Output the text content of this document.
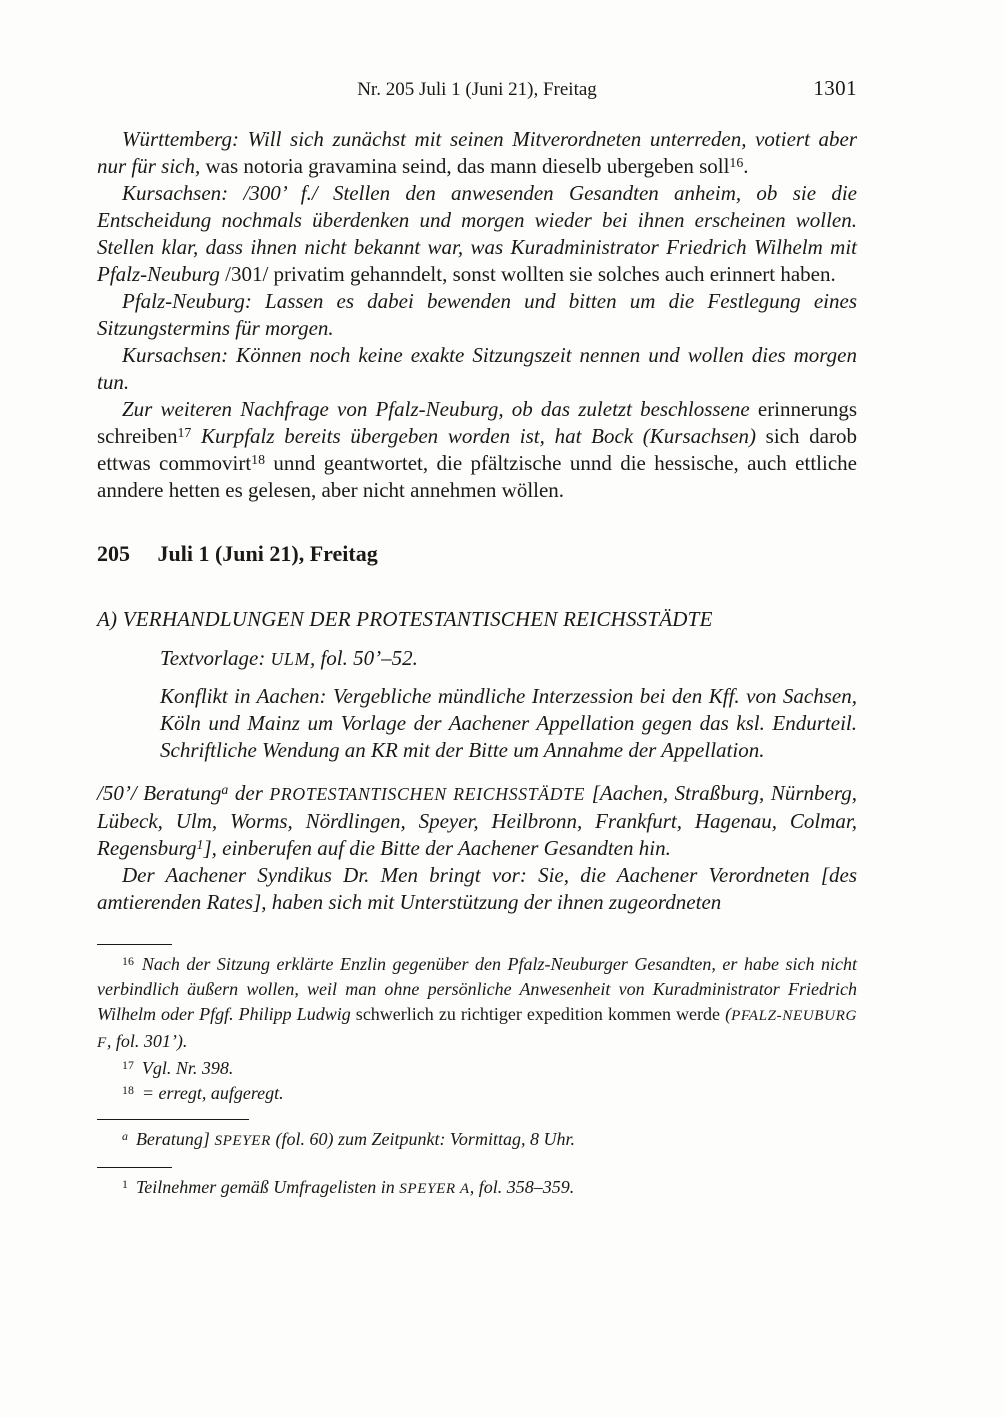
Nr. 205 Juli 1 (Juni 21), Freitag	1301

Württemberg: Will sich zunächst mit seinen Mitverordneten unterreden, votiert aber nur für sich, was notoria gravamina seind, das mann dieselb ubergeben soll$^{16}$.

Kursachsen: /300’ f./ Stellen den anwesenden Gesandten anheim, ob sie die Entscheidung nochmals überdenken und morgen wieder bei ihnen erscheinen wollen. Stellen klar, dass ihnen nicht bekannt war, was Kuradministrator Friedrich Wilhelm mit Pfalz-Neuburg /301/ privatim gehanndelt, sonst wollten sie solches auch erinnert haben.

Pfalz-Neuburg: Lassen es dabei bewenden und bitten um die Festlegung eines Sitzungstermins für morgen.

Kursachsen: Können noch keine exakte Sitzungszeit nennen und wollen dies morgen tun.

Zur weiteren Nachfrage von Pfalz-Neuburg, ob das zuletzt beschlossene erinnerungs schreiben$^{17}$ Kurpfalz bereits übergeben worden ist, hat Bock (Kursachsen) sich darob ettwas commovirt$^{18}$ unnd geantwortet, die pfältzische unnd die hessische, auch ettliche anndere hetten es gelesen, aber nicht annehmen wöllen.

205 Juli 1 (Juni 21), Freitag
A) VERHANDLUNGEN DER PROTESTANTISCHEN REICHSSTÄDTE

Textvorlage: ULM, fol. 50’–52.

Konflikt in Aachen: Vergebliche mündliche Interzession bei den Kff. von Sachsen, Köln und Mainz um Vorlage der Aachener Appellation gegen das ksl. Endurteil. Schriftliche Wendung an KR mit der Bitte um Annahme der Appellation.

/50’/ Beratung$^a$ der PROTESTANTISCHEN REICHSSTÄDTE [Aachen, Straßburg, Nürnberg, Lübeck, Ulm, Worms, Nördlingen, Speyer, Heilbronn, Frankfurt, Hagenau, Colmar, Regensburg$^1$], einberufen auf die Bitte der Aachener Gesandten hin.

Der Aachener Syndikus Dr. Men bringt vor: Sie, die Aachener Verordneten [des amtierenden Rates], haben sich mit Unterstützung der ihnen zugeordneten

$^{16}$ Nach der Sitzung erklärte Enzlin gegenüber den Pfalz-Neuburger Gesandten, er habe sich nicht verbindlich äußern wollen, weil man ohne persönliche Anwesenheit von Kuradministrator Friedrich Wilhelm oder Pfgf. Philipp Ludwig schwerlich zu richtiger expedition kommen werde (PFALZ-NEUBURG F, fol. 301’).

$^{17}$ Vgl. Nr. 398.

$^{18}$ = erregt, aufgeregt.

$^a$ Beratung] SPEYER (fol. 60) zum Zeitpunkt: Vormittag, 8 Uhr.

$^1$ Teilnehmer gemäß Umfragelisten in SPEYER A, fol. 358–359.
